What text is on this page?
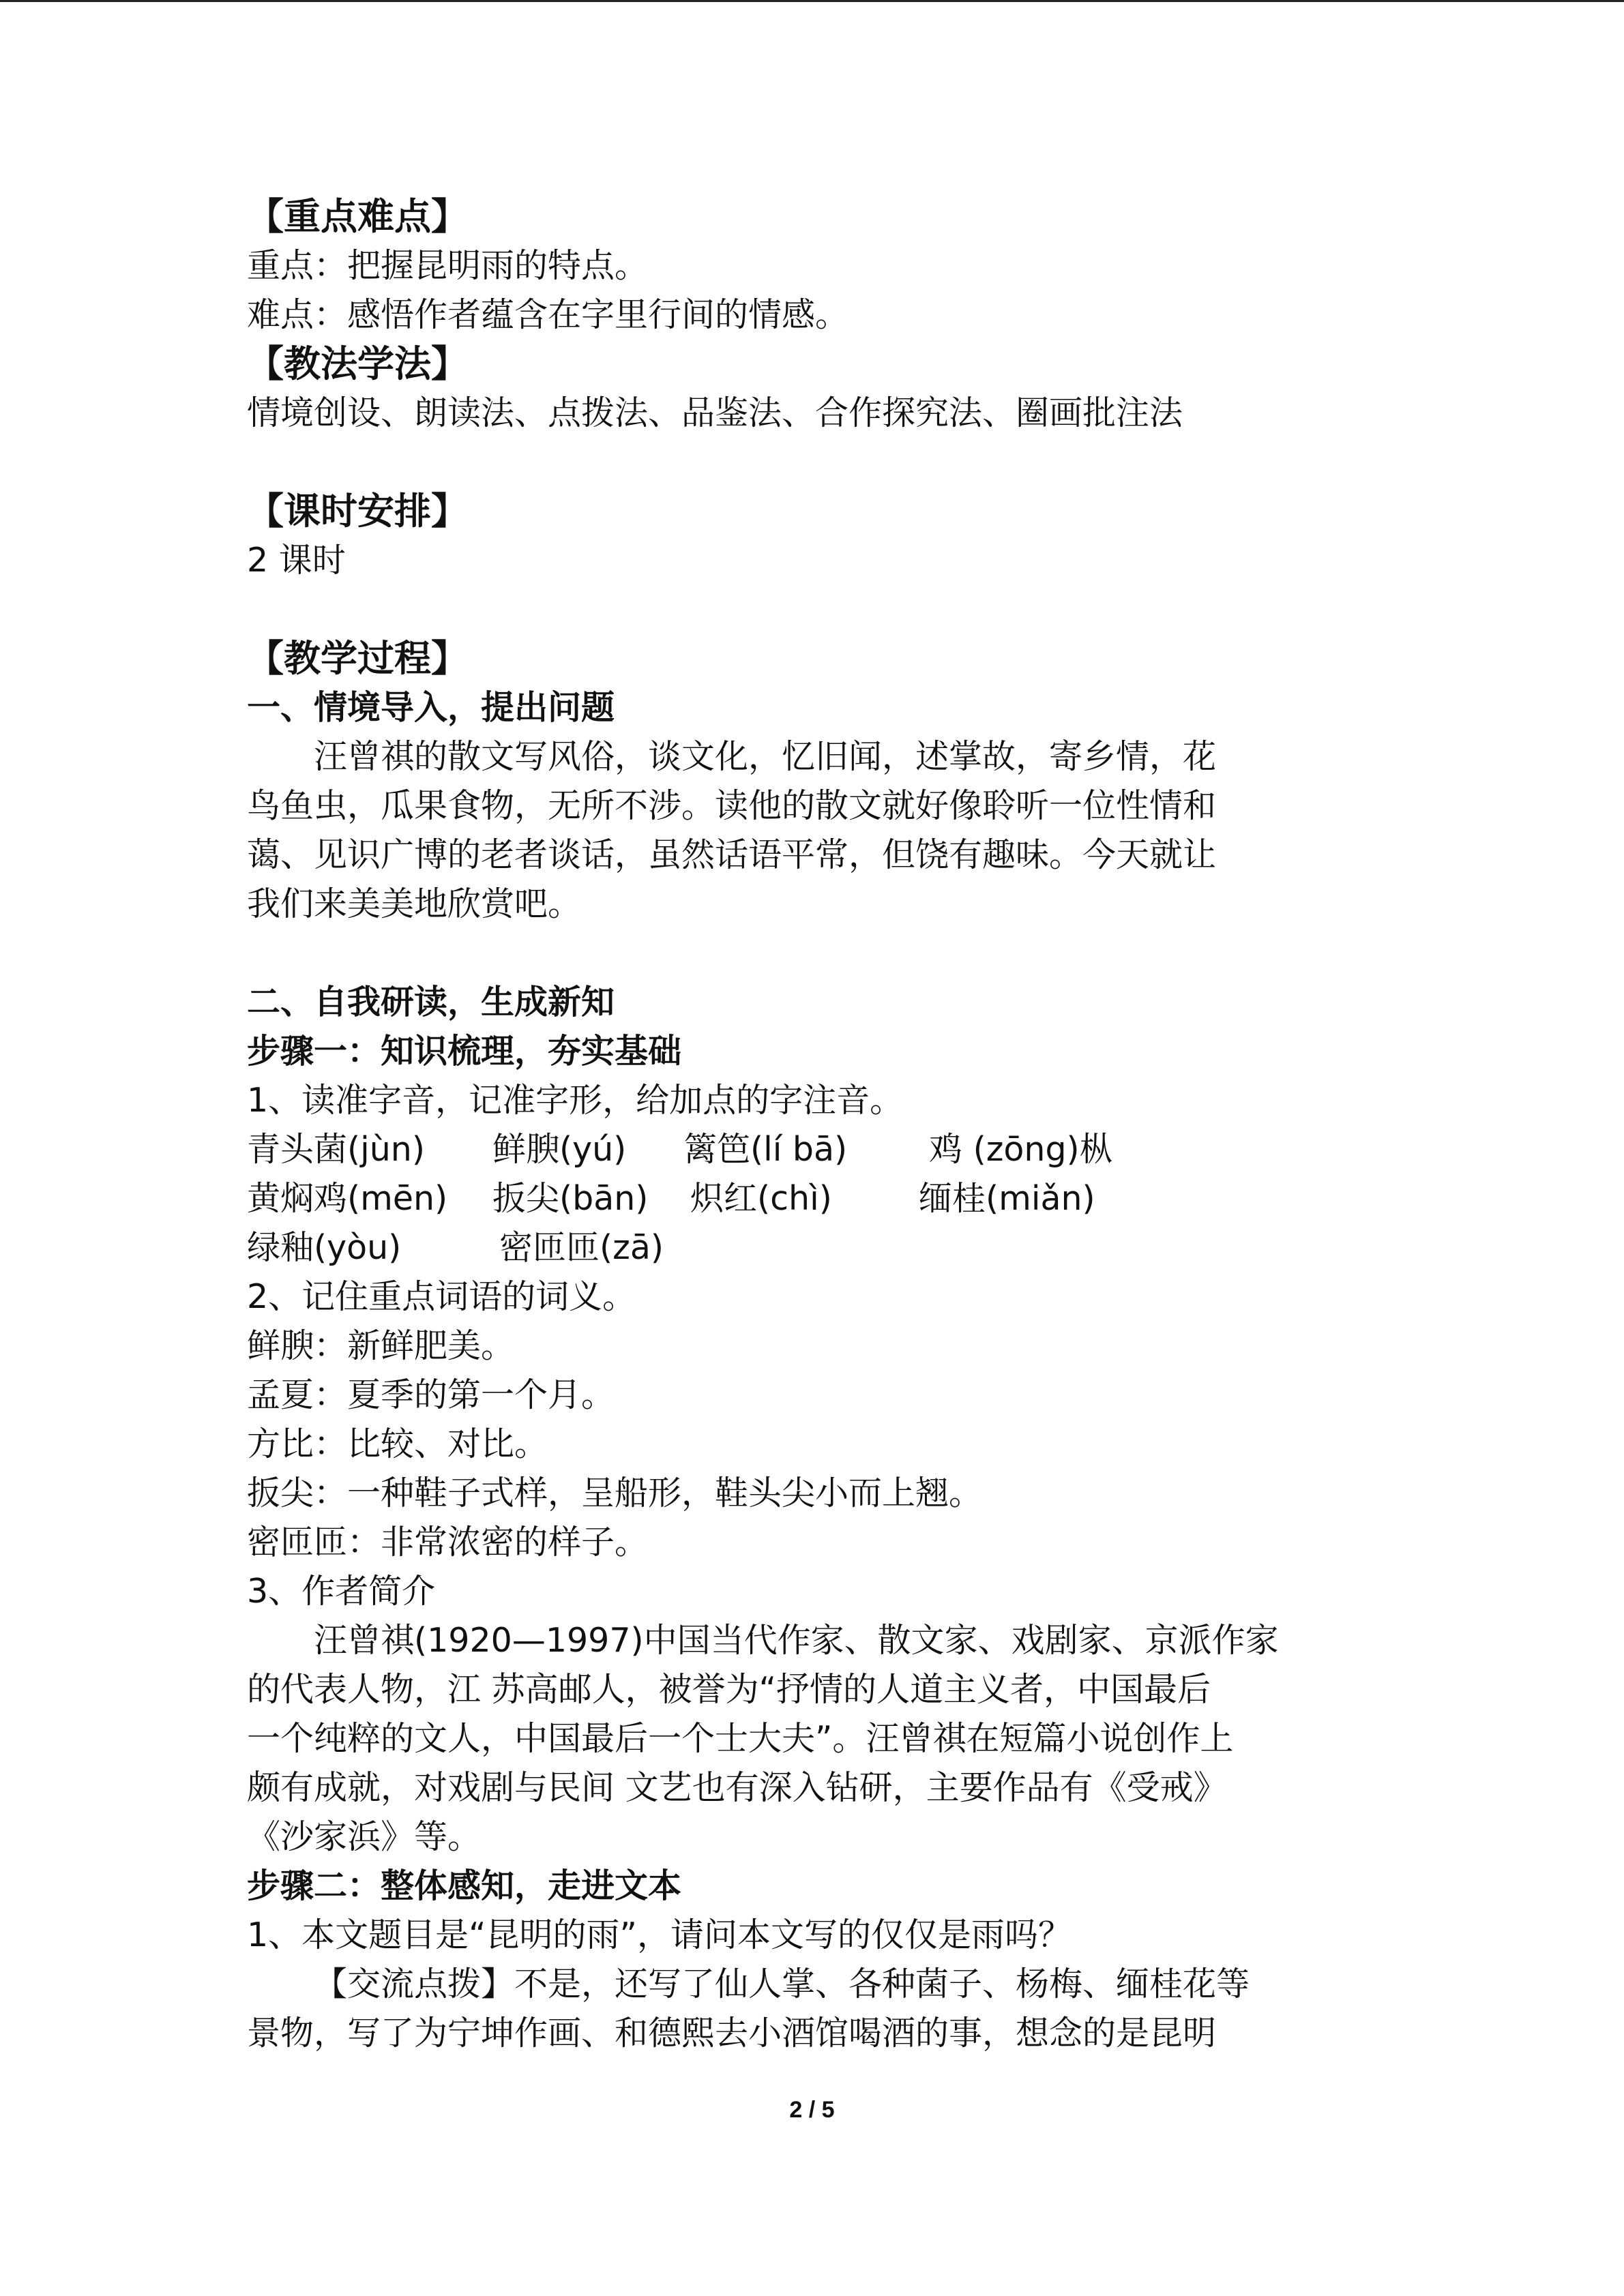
【重点难点】
重点：把握昆明雨的特点。
难点：感悟作者蕴含在字里行间的情感。
【教法学法】
情境创设、朗读法、点拨法、品鉴法、合作探究法、圈画批注法
【课时安排】
2 课时
【教学过程】
一、情境导入，提出问题
汪曾祺的散文写风俗，谈文化，忆旧闻，述掌故，寄乡情，花
鸟鱼虫，瓜果食物，无所不涉。读他的散文就好像聆听一位性情和
蔼、见识广博的老者谈话，虽然话语平常，但饶有趣味。今天就让
我们来美美地欣赏吧。
二、自我研读，生成新知
步骤一：知识梳理，夯实基础
1、读准字音，记准字形，给加点的字注音。
青头菌(jùn) 鲜腴(yú) 篱笆(lí bā) 鸡 (zōng)枞
黄焖鸡(mēn) 扳尖(bān) 炽红(chì)	缅桂(miǎn)
绿釉(yòu)	密匝匝(zā)
2、记住重点词语的词义。
鲜腴：新鲜肥美。
孟夏：夏季的第一个月。
方比：比较、对比。
扳尖：一种鞋子式样，呈船形，鞋头尖小而上翘。
密匝匝：非常浓密的样子。
3、作者简介
汪曾祺(1920—1997)中国当代作家、散文家、戏剧家、京派作家
的代表人物，江 苏高邮人，被誉为“抒情的人道主义者，中国最后
一个纯粹的文人，中国最后一个士大夫”。汪曾祺在短篇小说创作上
颇有成就，对戏剧与民间 文艺也有深入钻研，主要作品有《受戒》
《沙家浜》等。
步骤二：整体感知，走进文本
1、本文题目是“昆明的雨”，请问本文写的仅仅是雨吗？
【交流点拨】不是，还写了仙人掌、各种菌子、杨梅、缅桂花等
景物，写了为宁坤作画、和德熙去小酒馆喝酒的事，想念的是昆明
2 / 5
